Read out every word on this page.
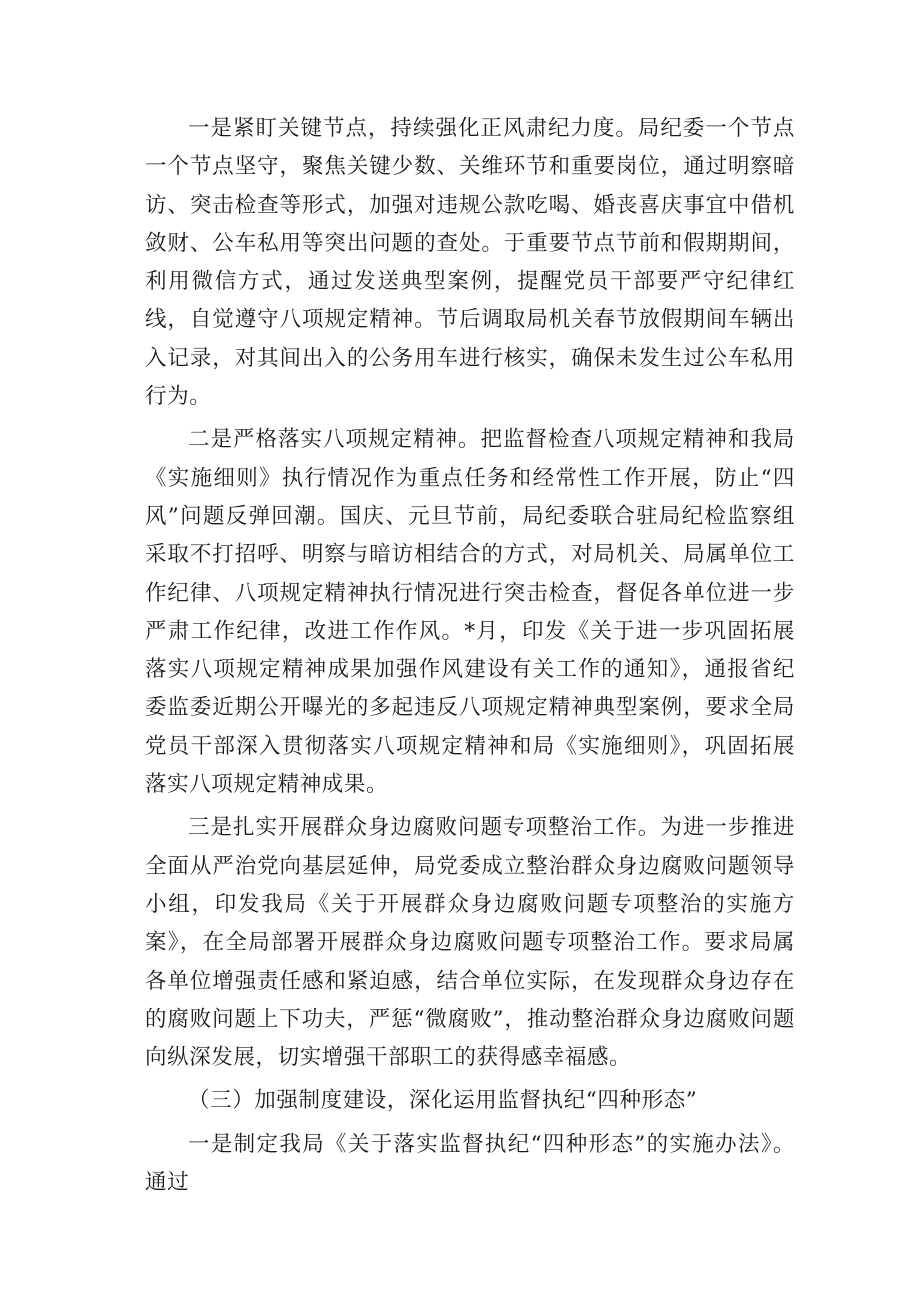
一是紧盯关键节点，持续强化正风肃纪力度。局纪委一个节点一个节点坚守，聚焦关键少数、关维环节和重要岗位，通过明察暗访、突击检查等形式，加强对违规公款吃喝、婚丧喜庆事宜中借机敛财、公车私用等突出问题的查处。于重要节点节前和假期期间，利用微信方式，通过发送典型案例，提醒党员干部要严守纪律红线，自觉遵守八项规定精神。节后调取局机关春节放假期间车辆出入记录，对其间出入的公务用车进行核实，确保未发生过公车私用行为。

二是严格落实八项规定精神。把监督检查八项规定精神和我局《实施细则》执行情况作为重点任务和经常性工作开展，防止“四风”问题反弹回潮。国庆、元旦节前，局纪委联合驻局纪检监察组采取不打招呼、明察与暗访相结合的方式，对局机关、局属单位工作纪律、八项规定精神执行情况进行突击检查，督促各单位进一步严肃工作纪律，改进工作作风。*月，印发《关于进一步巩固拓展落实八项规定精神成果加强作风建设有关工作的通知》，通报省纪委监委近期公开曝光的多起违反八项规定精神典型案例，要求全局党员干部深入贯彻落实八项规定精神和局《实施细则》，巩固拓展落实八项规定精神成果。

三是扎实开展群众身边腐败问题专项整治工作。为进一步推进全面从严治党向基层延伸，局党委成立整治群众身边腐败问题领导小组，印发我局《关于开展群众身边腐败问题专项整治的实施方案》，在全局部署开展群众身边腐败问题专项整治工作。要求局属各单位增强责任感和紧迫感，结合单位实际，在发现群众身边存在的腐败问题上下功夫，严惩“微腐败”，推动整治群众身边腐败问题向纵深发展，切实增强干部职工的获得感幸福感。

（三）加强制度建设，深化运用监督执纪“四种形态”

一是制定我局《关于落实监督执纪“四种形态”的实施办法》。通过
